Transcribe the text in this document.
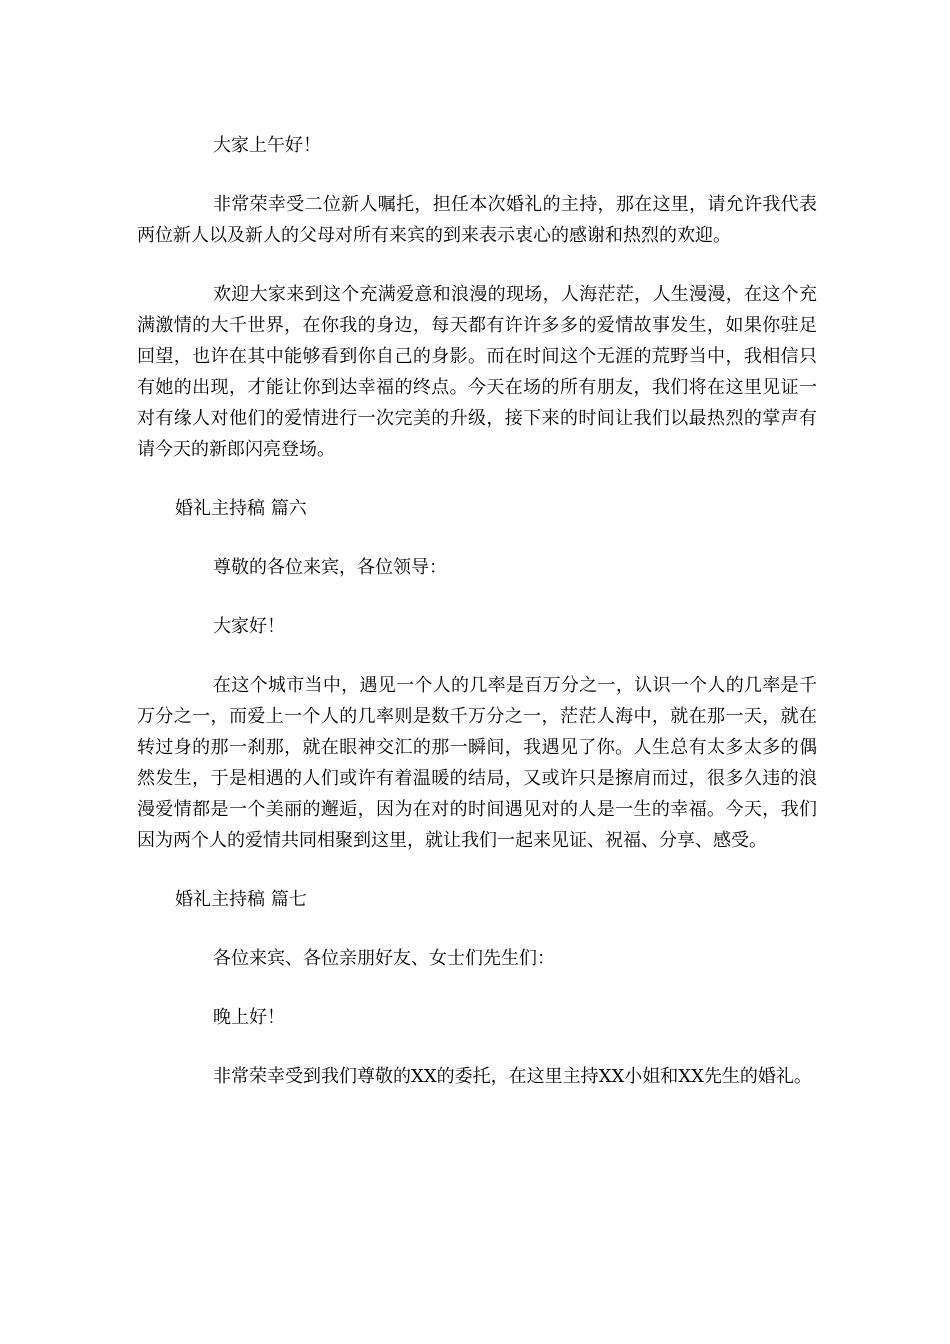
大家上午好！

非常荣幸受二位新人嘱托，担任本次婚礼的主持，那在这里，请允许我代表两位新人以及新人的父母对所有来宾的到来表示衷心的感谢和热烈的欢迎。

欢迎大家来到这个充满爱意和浪漫的现场，人海茫茫，人生漫漫，在这个充满激情的大千世界，在你我的身边，每天都有许许多多的爱情故事发生，如果你驻足回望，也许在其中能够看到你自己的身影。而在时间这个无涯的荒野当中，我相信只有她的出现，才能让你到达幸福的终点。今天在场的所有朋友，我们将在这里见证一对有缘人对他们的爱情进行一次完美的升级，接下来的时间让我们以最热烈的掌声有请今天的新郎闪亮登场。

婚礼主持稿 篇六

尊敬的各位来宾，各位领导：

大家好！

在这个城市当中，遇见一个人的几率是百万分之一，认识一个人的几率是千万分之一，而爱上一个人的几率则是数千万分之一，茫茫人海中，就在那一天，就在转过身的那一刹那，就在眼神交汇的那一瞬间，我遇见了你。人生总有太多太多的偶然发生，于是相遇的人们或许有着温暖的结局，又或许只是擦肩而过，很多久违的浪漫爱情都是一个美丽的邂逅，因为在对的时间遇见对的人是一生的幸福。今天，我们因为两个人的爱情共同相聚到这里，就让我们一起来见证、祝福、分享、感受。

婚礼主持稿 篇七

各位来宾、各位亲朋好友、女士们先生们：

晚上好！

非常荣幸受到我们尊敬的XX的委托，在这里主持XX小姐和XX先生的婚礼。
